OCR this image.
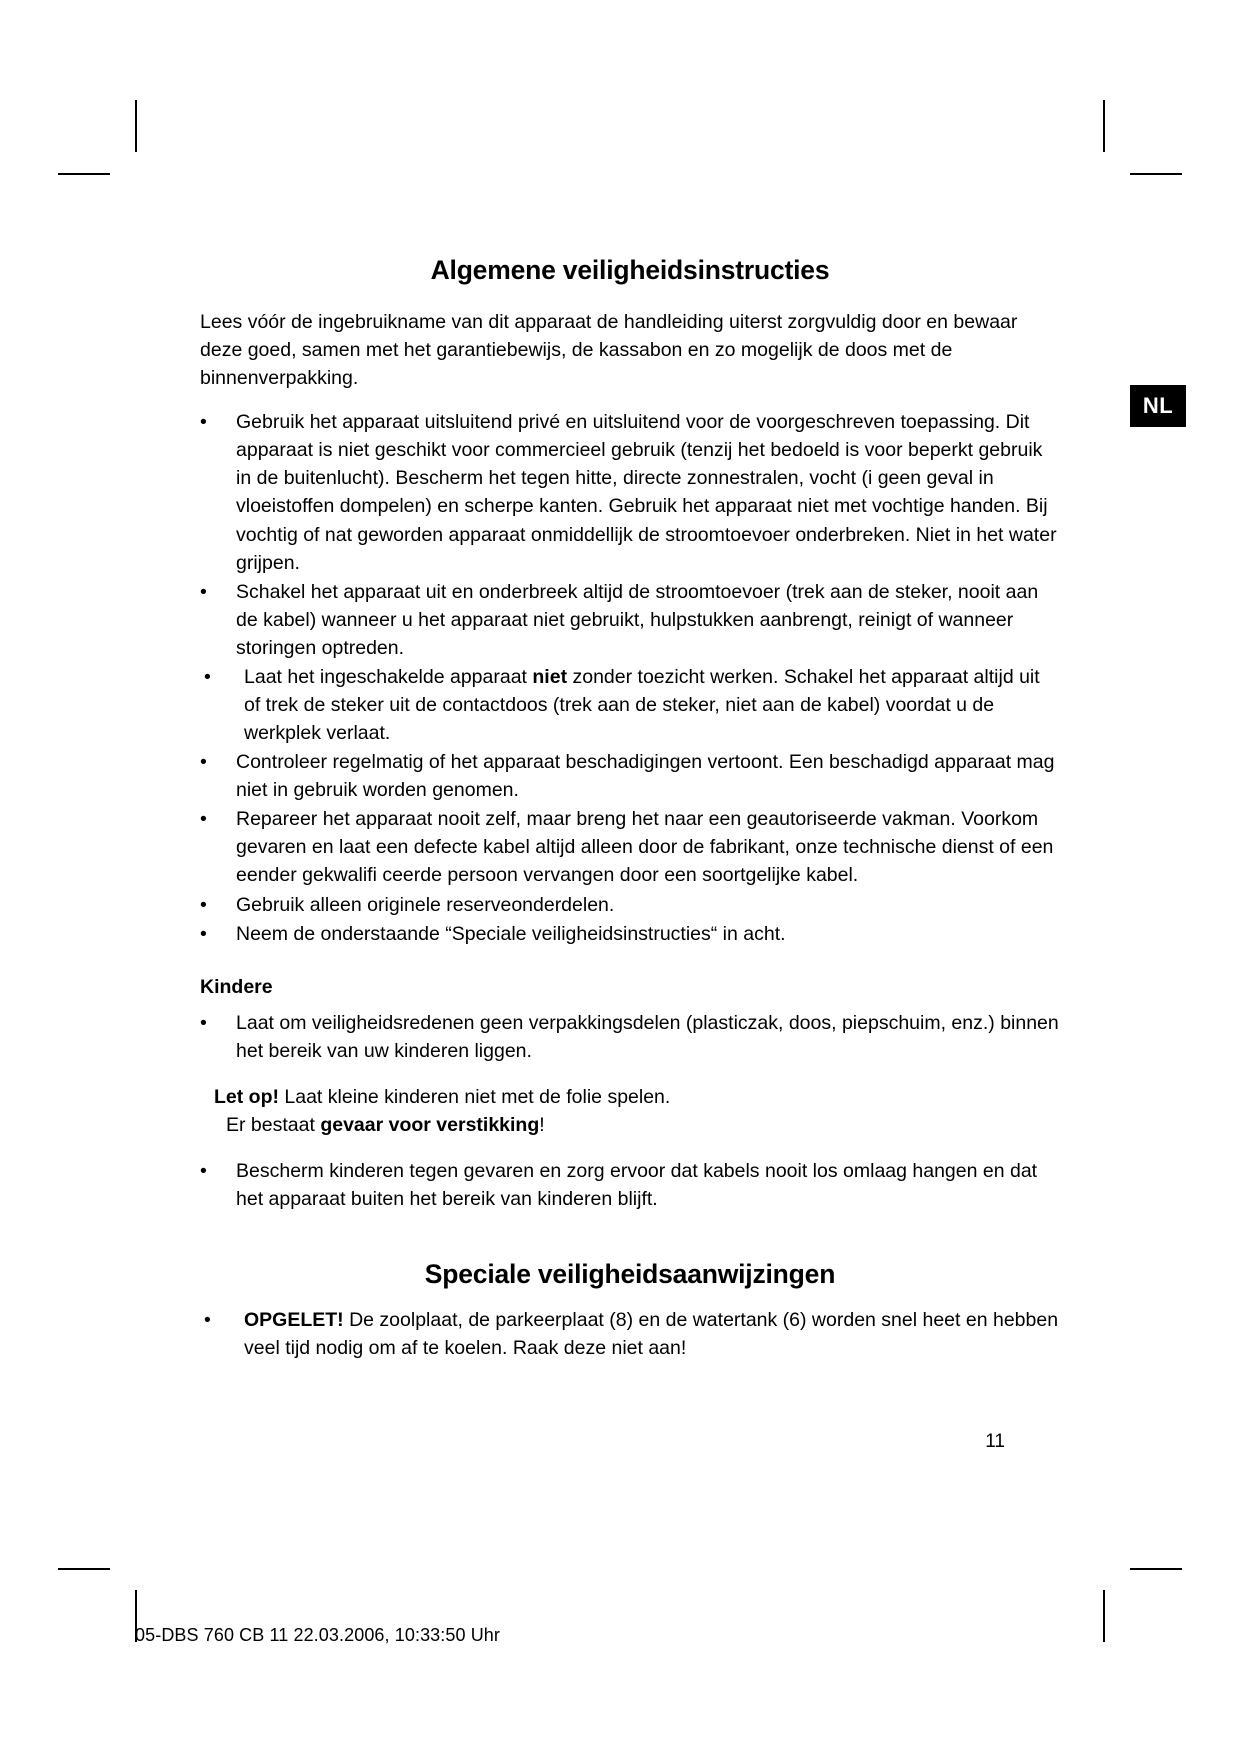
NL
Algemene veiligheidsinstructies

Lees vóór de ingebruikname van dit apparaat de handleiding uiterst zorgvuldig door en bewaar deze goed, samen met het garantiebewijs, de kassabon en zo mogelijk de doos met de binnenverpakking.

• Gebruik het apparaat uitsluitend privé en uitsluitend voor de voorgeschreven toepassing. Dit apparaat is niet geschikt voor commercieel gebruik (tenzij het bedoeld is voor beperkt gebruik in de buitenlucht). Bescherm het tegen hitte, directe zonnestralen, vocht (i geen geval in vloeistoffen dompelen) en scherpe kanten. Gebruik het apparaat niet met vochtige handen. Bij vochtig of nat geworden apparaat onmiddellijk de stroomtoevoer onderbreken. Niet in het water grijpen.
• Schakel het apparaat uit en onderbreek altijd de stroomtoevoer (trek aan de steker, nooit aan de kabel) wanneer u het apparaat niet gebruikt, hulpstukken aanbrengt, reinigt of wanneer storingen optreden.
• Laat het ingeschakelde apparaat niet zonder toezicht werken. Schakel het apparaat altijd uit of trek de steker uit de contactdoos (trek aan de steker, niet aan de kabel) voordat u de werkplek verlaat.
• Controleer regelmatig of het apparaat beschadigingen vertoont. Een beschadigd apparaat mag niet in gebruik worden genomen.
• Repareer het apparaat nooit zelf, maar breng het naar een geautoriseerde vakman. Voorkom gevaren en laat een defecte kabel altijd alleen door de fabrikant, onze technische dienst of een eender gekwalifi ceerde persoon vervangen door een soortgelijke kabel.
• Gebruik alleen originele reserveonderdelen.
• Neem de onderstaande “Speciale veiligheidsinstructies“ in acht.
Kindere
• Laat om veiligheidsredenen geen verpakkingsdelen (plasticzak, doos, piepschuim, enz.) binnen het bereik van uw kinderen liggen.
Let op! Laat kleine kinderen niet met de folie spelen.
Er bestaat gevaar voor verstikking!
• Bescherm kinderen tegen gevaren en zorg ervoor dat kabels nooit los omlaag hangen en dat het apparaat buiten het bereik van kinderen blijft.
Speciale veiligheidsaanwijzingen
• OPGELET! De zoolplaat, de parkeerplaat (8) en de watertank (6) worden snel heet en hebben veel tijd nodig om af te koelen. Raak deze niet aan!
11
05-DBS 760 CB 11 22.03.2006, 10:33:50 Uhr
